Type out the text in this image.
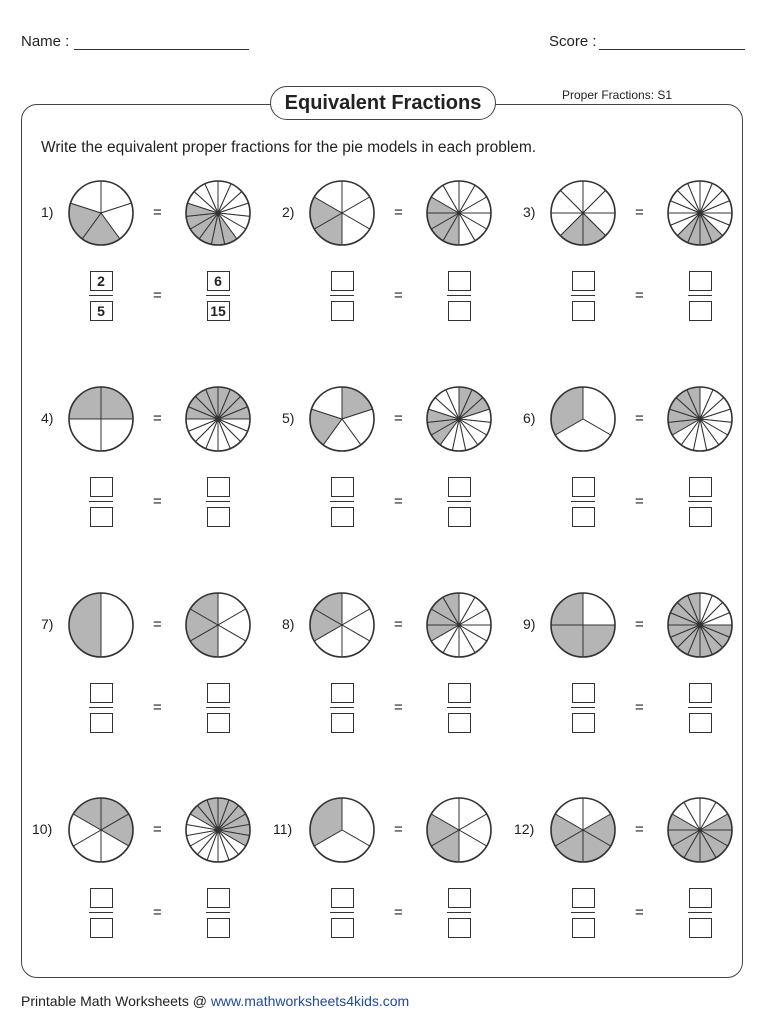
Name :	Score :
Equivalent Fractions	Proper Fractions: S1
Write the equivalent proper fractions for the pie models in each problem.
1)	=
2
5
=
6
15
2)	=
=
3)	=
=
4)	=
=
5)	=
=
6)	=
=
7)	=
=
8)	=
=
9)	=
=
10)	=
=
11)	=
=
12)	=
=
Printable Math Worksheets @ www.mathworksheets4kids.com
